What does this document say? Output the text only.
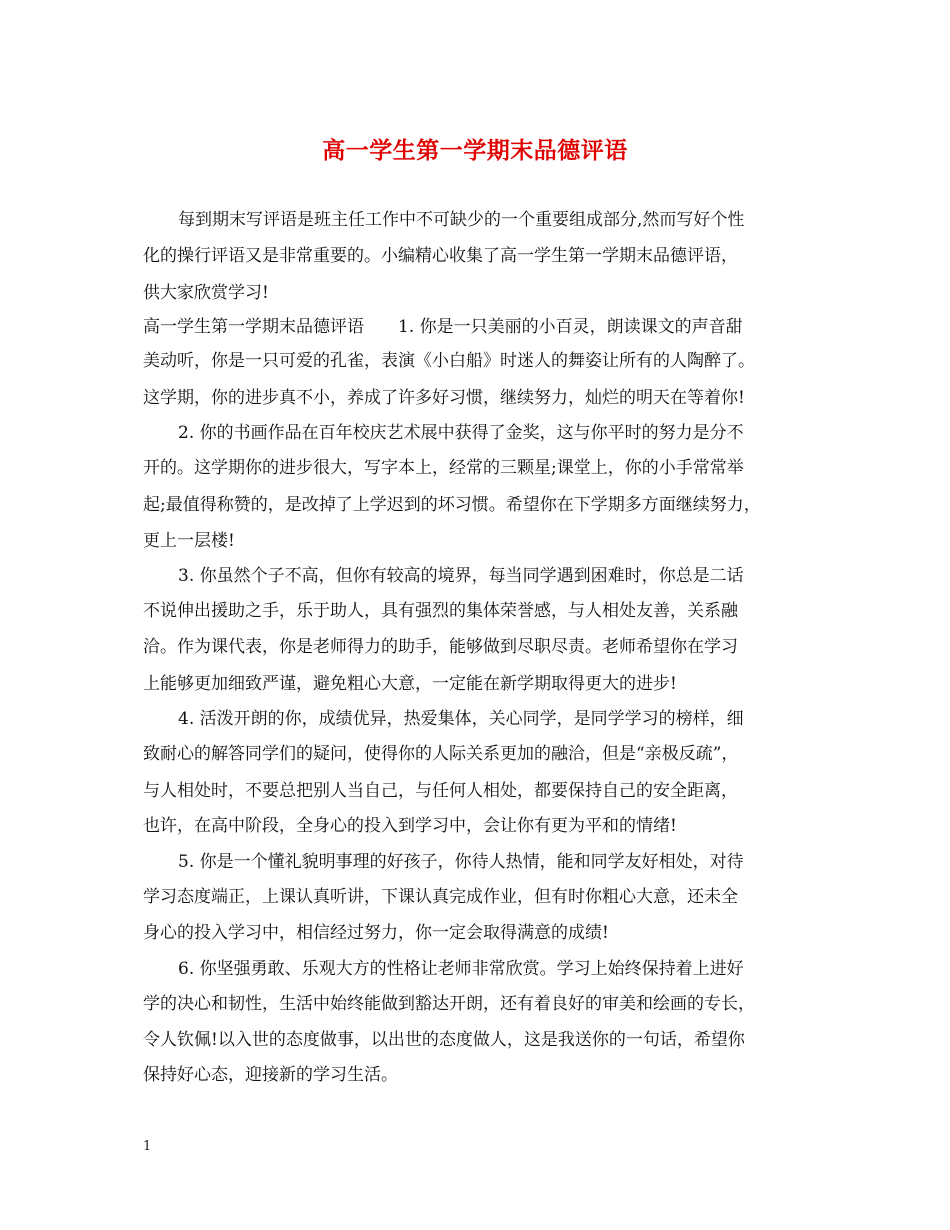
高一学生第一学期末品德评语
每到期末写评语是班主任工作中不可缺少的一个重要组成部分,然而写好个性
化的操行评语又是非常重要的。小编精心收集了高一学生第一学期末品德评语，
供大家欣赏学习!
高一学生第一学期末品德评语　　1. 你是一只美丽的小百灵，朗读课文的声音甜
美动听，你是一只可爱的孔雀，表演《小白船》时迷人的舞姿让所有的人陶醉了。
这学期，你的进步真不小，养成了许多好习惯，继续努力，灿烂的明天在等着你!
2. 你的书画作品在百年校庆艺术展中获得了金奖，这与你平时的努力是分不
开的。这学期你的进步很大，写字本上，经常的三颗星;课堂上，你的小手常常举
起;最值得称赞的，是改掉了上学迟到的坏习惯。希望你在下学期多方面继续努力，
更上一层楼!
3. 你虽然个子不高，但你有较高的境界，每当同学遇到困难时，你总是二话
不说伸出援助之手，乐于助人，具有强烈的集体荣誉感，与人相处友善，关系融
洽。作为课代表，你是老师得力的助手，能够做到尽职尽责。老师希望你在学习
上能够更加细致严谨，避免粗心大意，一定能在新学期取得更大的进步!
4. 活泼开朗的你，成绩优异，热爱集体，关心同学，是同学学习的榜样，细
致耐心的解答同学们的疑问，使得你的人际关系更加的融洽，但是“亲极反疏”，
与人相处时，不要总把别人当自己，与任何人相处，都要保持自己的安全距离，
也许，在高中阶段，全身心的投入到学习中，会让你有更为平和的情绪!
5. 你是一个懂礼貌明事理的好孩子，你待人热情，能和同学友好相处，对待
学习态度端正，上课认真听讲，下课认真完成作业，但有时你粗心大意，还未全
身心的投入学习中，相信经过努力，你一定会取得满意的成绩!
6. 你坚强勇敢、乐观大方的性格让老师非常欣赏。学习上始终保持着上进好
学的决心和韧性，生活中始终能做到豁达开朗，还有着良好的审美和绘画的专长，
令人钦佩!以入世的态度做事，以出世的态度做人，这是我送你的一句话，希望你
保持好心态，迎接新的学习生活。
1
